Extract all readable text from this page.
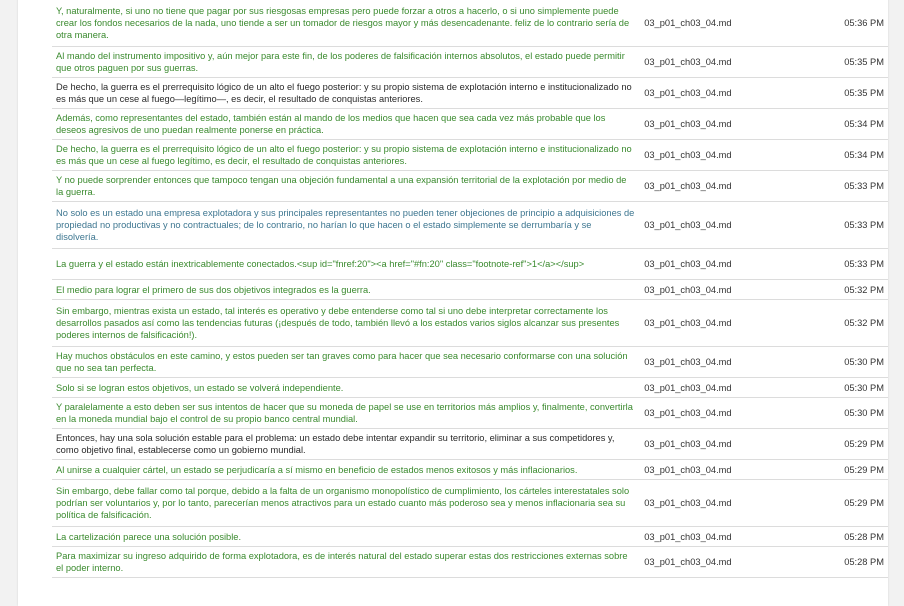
Y, naturalmente, si uno no tiene que pagar por sus riesgosas empresas pero puede forzar a otros a hacerlo, o si uno simplemente puede crear los fondos necesarios de la nada, uno tiende a ser un tomador de riesgos mayor y más desencadenante. feliz de lo contrario sería de otra manera.	03_p01_ch03_04.md	05:36 PM
Al mando del instrumento impositivo y, aún mejor para este fin, de los poderes de falsificación internos absolutos, el estado puede permitir que otros paguen por sus guerras.	03_p01_ch03_04.md	05:35 PM
De hecho, la guerra es el prerrequisito lógico de un alto el fuego posterior: y su propio sistema de explotación interno e institucionalizado no es más que un cese al fuego—legítimo—, es decir, el resultado de conquistas anteriores.	03_p01_ch03_04.md	05:35 PM
Además, como representantes del estado, también están al mando de los medios que hacen que sea cada vez más probable que los deseos agresivos de uno puedan realmente ponerse en práctica.	03_p01_ch03_04.md	05:34 PM
De hecho, la guerra es el prerrequisito lógico de un alto el fuego posterior: y su propio sistema de explotación interno e institucionalizado no es más que un cese al fuego legítimo, es decir, el resultado de conquistas anteriores.	03_p01_ch03_04.md	05:34 PM
Y no puede sorprender entonces que tampoco tengan una objeción fundamental a una expansión territorial de la explotación por medio de la guerra.	03_p01_ch03_04.md	05:33 PM
No solo es un estado una empresa explotadora y sus principales representantes no pueden tener objeciones de principio a adquisiciones de propiedad no productivas y no contractuales; de lo contrario, no harían lo que hacen o el estado simplemente se derrumbaría y se disolvería.	03_p01_ch03_04.md	05:33 PM
La guerra y el estado están inextricablemente conectados.<sup id="fnref:20"><a href="#fn:20" class="footnote-ref">1</a></sup>	03_p01_ch03_04.md	05:33 PM
El medio para lograr el primero de sus dos objetivos integrados es la guerra.	03_p01_ch03_04.md	05:32 PM
Sin embargo, mientras exista un estado, tal interés es operativo y debe entenderse como tal si uno debe interpretar correctamente los desarrollos pasados así como las tendencias futuras (¡después de todo, también llevó a los estados varios siglos alcanzar sus presentes poderes internos de falsificación!).	03_p01_ch03_04.md	05:32 PM
Hay muchos obstáculos en este camino, y estos pueden ser tan graves como para hacer que sea necesario conformarse con una solución que no sea tan perfecta.	03_p01_ch03_04.md	05:30 PM
Solo si se logran estos objetivos, un estado se volverá independiente.	03_p01_ch03_04.md	05:30 PM
Y paralelamente a esto deben ser sus intentos de hacer que su moneda de papel se use en territorios más amplios y, finalmente, convertirla en la moneda mundial bajo el control de su propio banco central mundial.	03_p01_ch03_04.md	05:30 PM
Entonces, hay una sola solución estable para el problema: un estado debe intentar expandir su territorio, eliminar a sus competidores y, como objetivo final, establecerse como un gobierno mundial.	03_p01_ch03_04.md	05:29 PM
Al unirse a cualquier cártel, un estado se perjudicaría a sí mismo en beneficio de estados menos exitosos y más inflacionarios.	03_p01_ch03_04.md	05:29 PM
Sin embargo, debe fallar como tal porque, debido a la falta de un organismo monopolístico de cumplimiento, los cárteles interestatales solo podrían ser voluntarios y, por lo tanto, parecerían menos atractivos para un estado cuanto más poderoso sea y menos inflacionaria sea su política de falsificación.	03_p01_ch03_04.md	05:29 PM
La cartelización parece una solución posible.	03_p01_ch03_04.md	05:28 PM
Para maximizar su ingreso adquirido de forma explotadora, es de interés natural del estado superar estas dos restricciones externas sobre el poder interno.	03_p01_ch03_04.md	05:28 PM
